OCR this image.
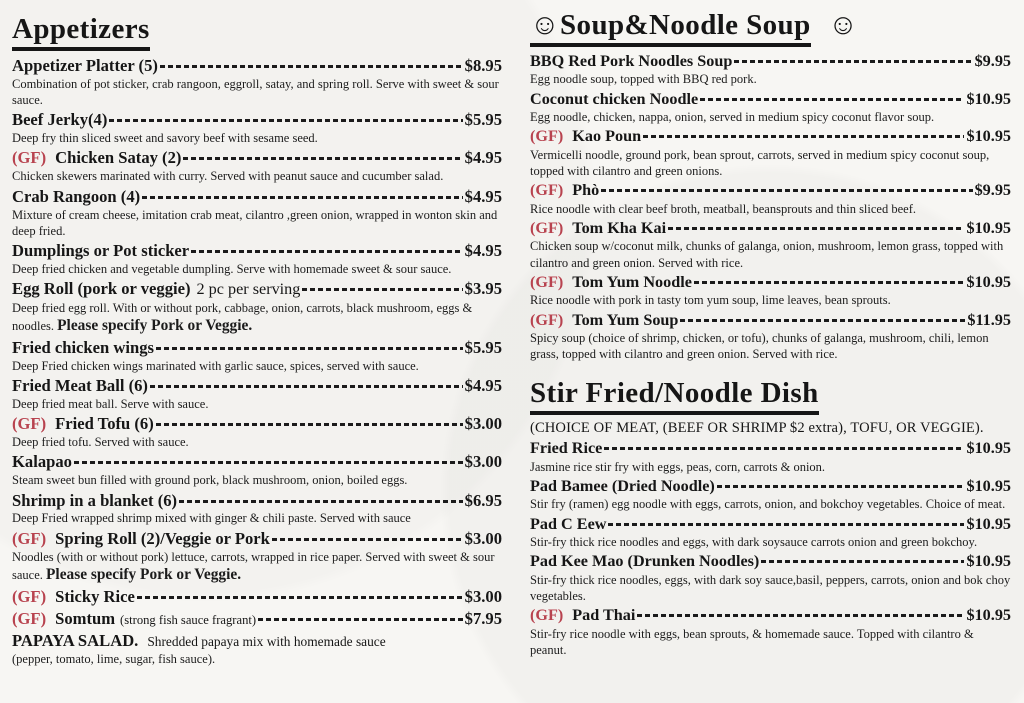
Appetizers
Appetizer Platter (5)	$8.95
Combination of pot sticker, crab rangoon, eggroll, satay, and spring roll. Serve with sweet & sour sauce.
Beef Jerky(4)	$5.95
Deep fry thin sliced sweet and savory beef with sesame seed.
(GF) Chicken Satay (2)	$4.95
Chicken skewers marinated with curry. Served with peanut sauce and cucumber salad.
Crab Rangoon (4)	$4.95
Mixture of cream cheese, imitation crab meat, cilantro ,green onion, wrapped in wonton skin and deep fried.
Dumplings or Pot sticker	$4.95
Deep fried chicken and vegetable dumpling. Serve with homemade sweet & sour sauce.
Egg Roll (pork or veggie) 2 pc per serving	$3.95
Deep fried egg roll. With or without pork, cabbage, onion, carrots, black mushroom, eggs & noodles. Please specify Pork or Veggie.
Fried chicken wings	$5.95
Deep Fried chicken wings marinated with garlic sauce, spices, served with sauce.
Fried Meat Ball (6)	$4.95
Deep fried meat ball. Serve with sauce.
(GF) Fried Tofu (6)	$3.00
Deep fried tofu. Served with sauce.
Kalapao	$3.00
Steam sweet bun filled with ground pork, black mushroom, onion, boiled eggs.
Shrimp in a blanket (6)	$6.95
Deep Fried wrapped shrimp mixed with ginger & chili paste. Served with sauce
(GF) Spring Roll (2)/Veggie or Pork	$3.00
Noodles (with or without pork) lettuce, carrots, wrapped in rice paper. Served with sweet & sour sauce. Please specify Pork or Veggie.
(GF) Sticky Rice	$3.00
(GF) Somtum (strong fish sauce fragrant)	$7.95
PAPAYA SALAD. Shredded papaya mix with homemade sauce
(pepper, tomato, lime, sugar, fish sauce).
☺Soup&Noodle Soup ☺
BBQ Red Pork Noodles Soup	$9.95
Egg noodle soup, topped with BBQ red pork.
Coconut chicken Noodle	$10.95
Egg noodle, chicken, nappa, onion, served in medium spicy coconut flavor soup.
(GF) Kao Poun	$10.95
Vermicelli noodle, ground pork, bean sprout, carrots, served in medium spicy coconut soup, topped with cilantro and green onions.
(GF) Phò	$9.95
Rice noodle with clear beef broth, meatball, beansprouts and thin sliced beef.
(GF) Tom Kha Kai	$10.95
Chicken soup w/coconut milk, chunks of galanga, onion, mushroom, lemon grass, topped with cilantro and green onion. Served with rice.
(GF) Tom Yum Noodle	$10.95
Rice noodle with pork in tasty tom yum soup, lime leaves, bean sprouts.
(GF) Tom Yum Soup	$11.95
Spicy soup (choice of shrimp, chicken, or tofu), chunks of galanga, mushroom, chili, lemon grass, topped with cilantro and green onion. Served with rice.
Stir Fried/Noodle Dish
(CHOICE OF MEAT, (BEEF OR SHRIMP $2 extra), TOFU, OR VEGGIE).
Fried Rice	$10.95
Jasmine rice stir fry with eggs, peas, corn, carrots & onion.
Pad Bamee (Dried Noodle)	$10.95
Stir fry (ramen) egg noodle with eggs, carrots, onion, and bokchoy vegetables. Choice of meat.
Pad C Eew	$10.95
Stir-fry thick rice noodles and eggs, with dark soysauce carrots onion and green bokchoy.
Pad Kee Mao (Drunken Noodles)	$10.95
Stir-fry thick rice noodles, eggs, with dark soy sauce,basil, peppers, carrots, onion and bok choy vegetables.
(GF) Pad Thai	$10.95
Stir-fry rice noodle with eggs, bean sprouts, & homemade sauce. Topped with cilantro & peanut.
